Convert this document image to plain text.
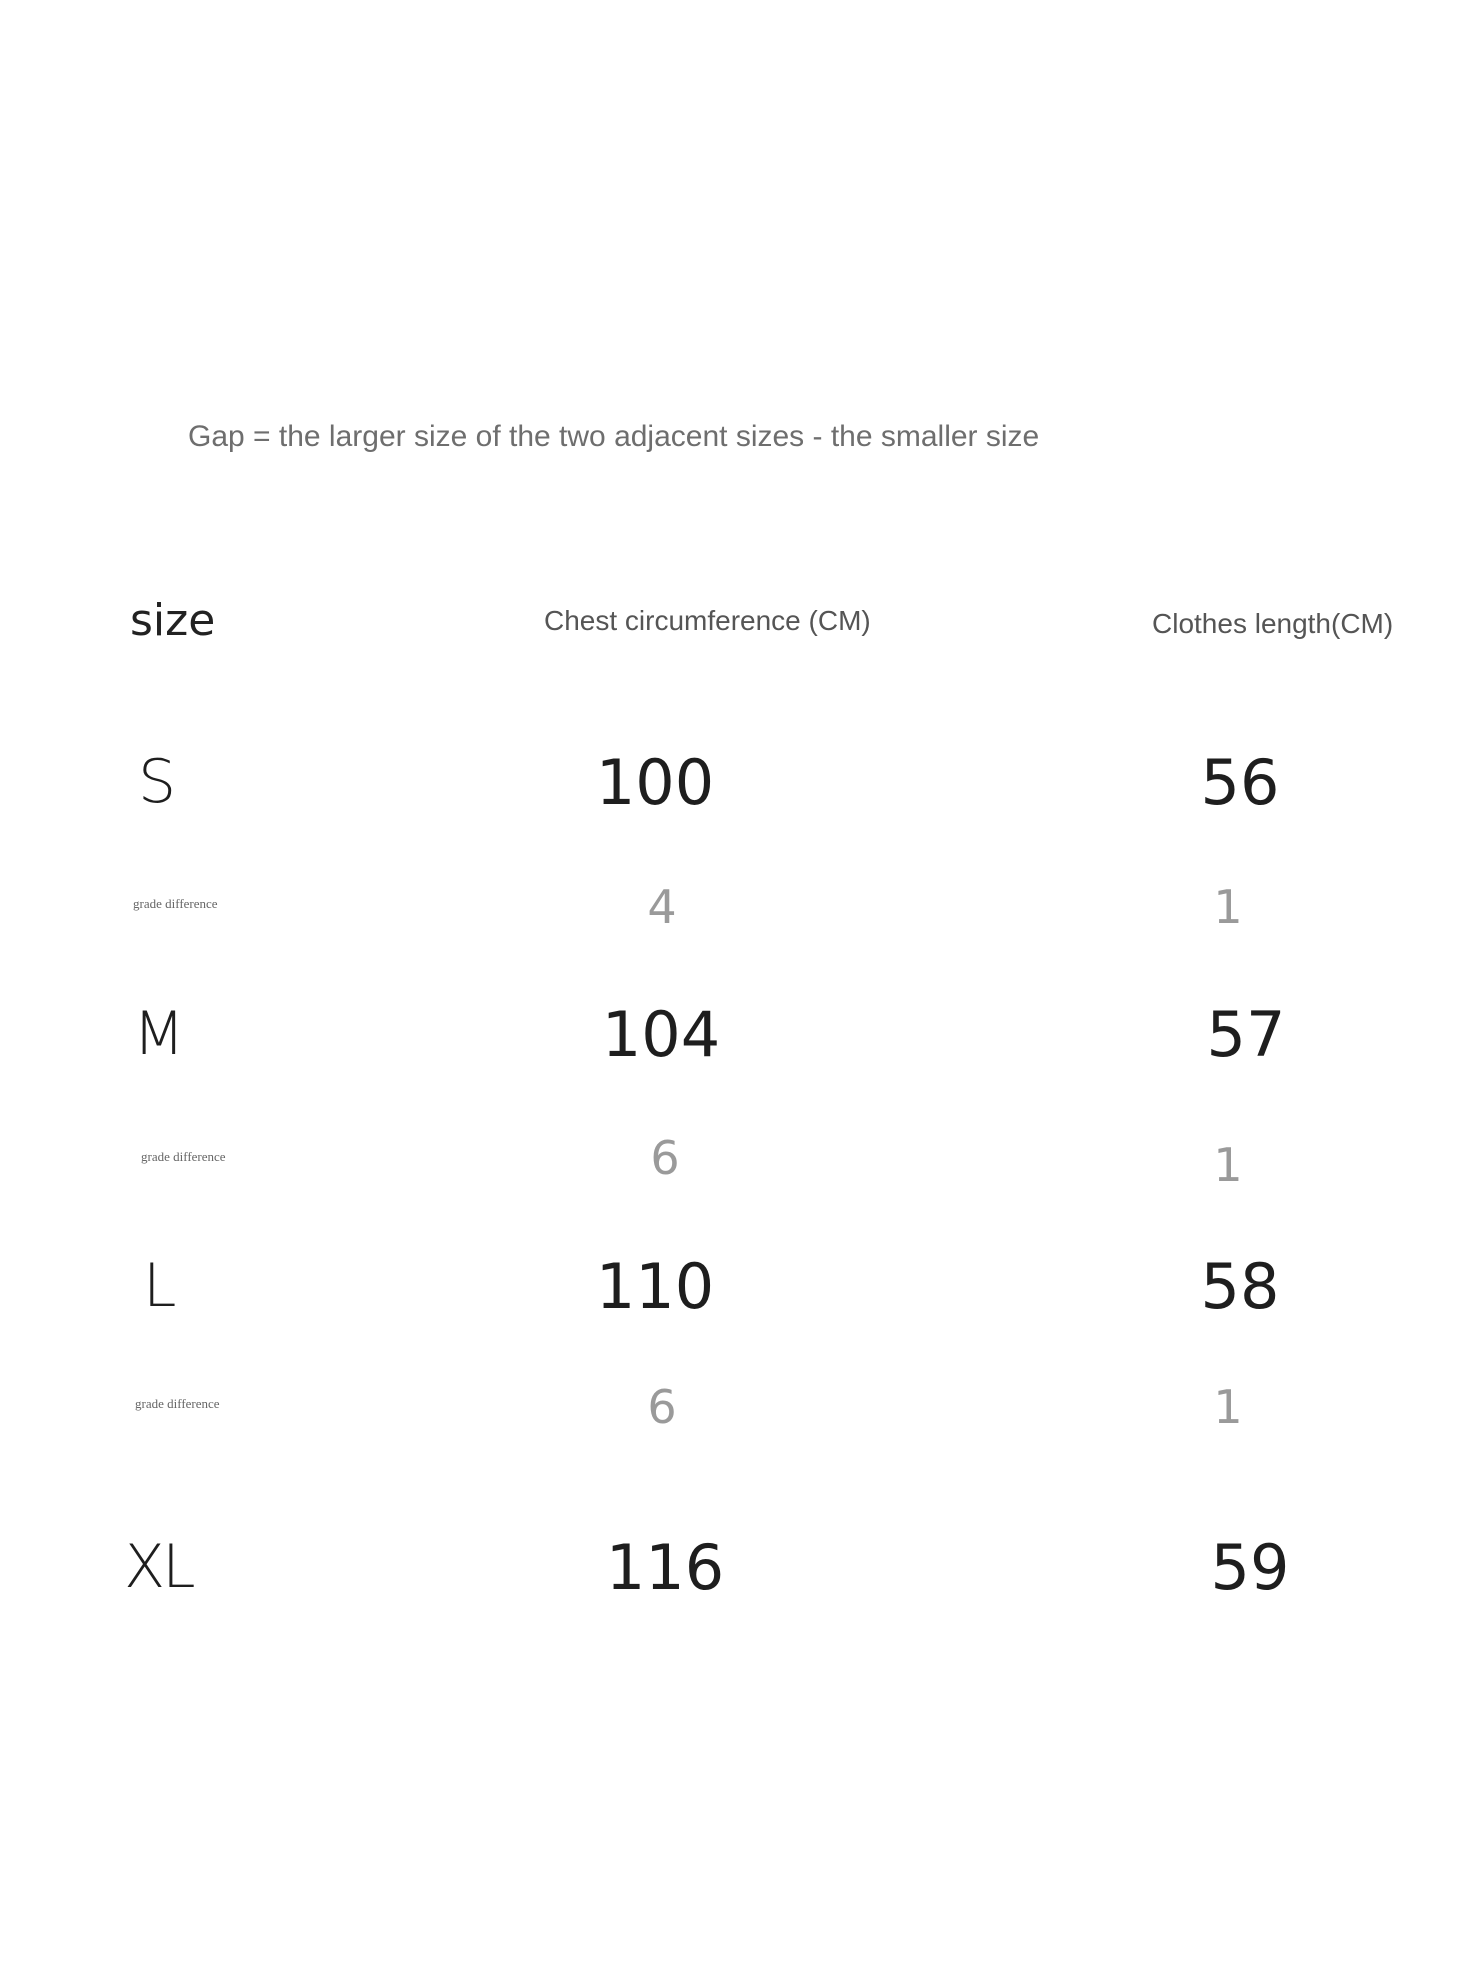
Gap = the larger size of the two adjacent sizes - the smaller size
size	Chest circumference (CM)	Clothes length(CM)
S	100	56
grade difference	4	1
M	104	57
grade difference	6	1
L	110	58
grade difference	6	1
XL	116	59
